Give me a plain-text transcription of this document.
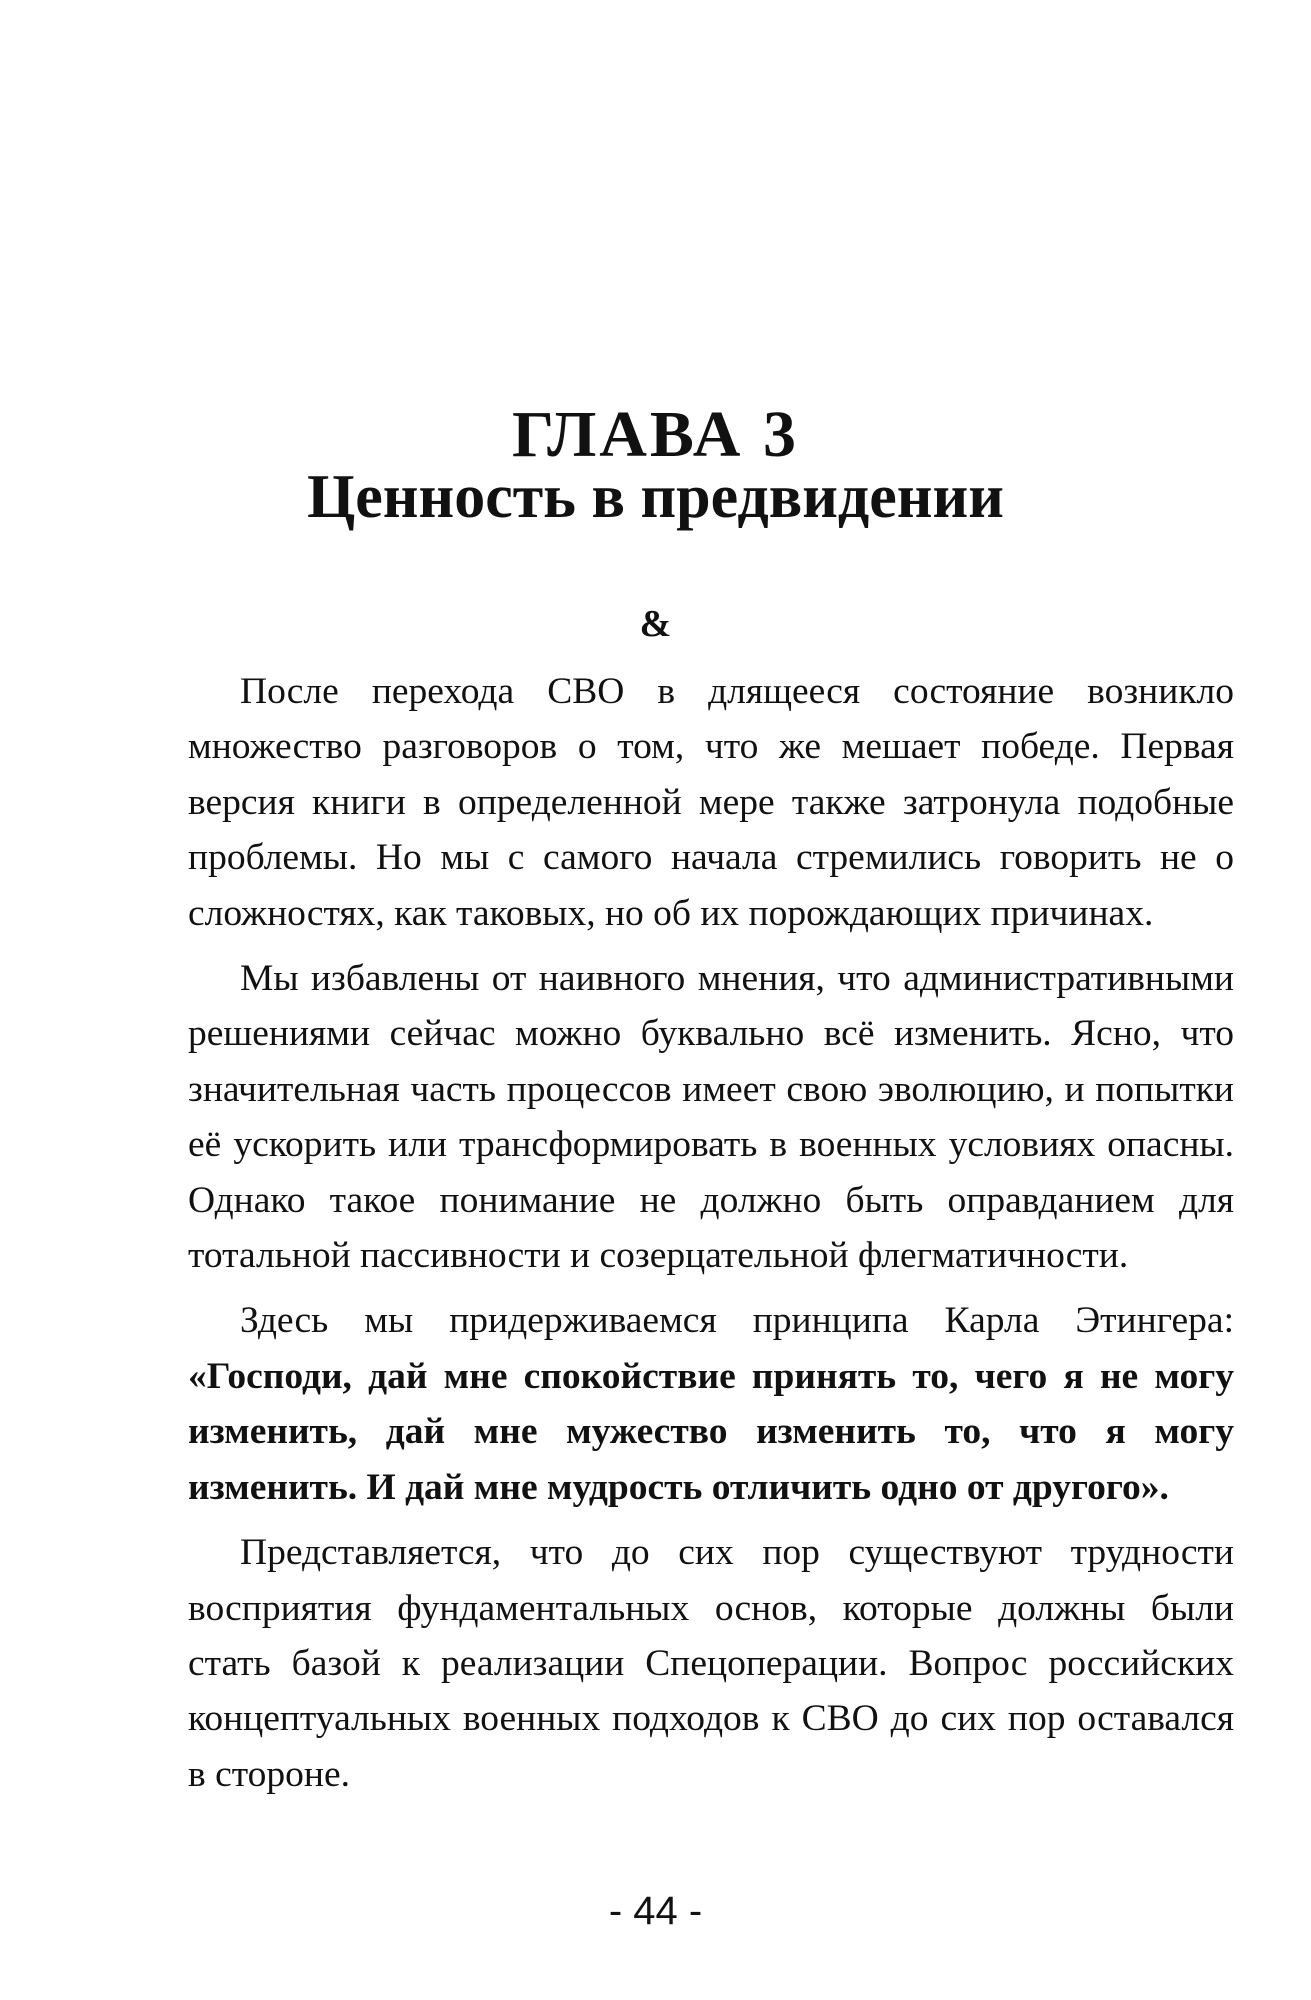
ГЛАВА 3
Ценность в предвидении
&

После перехода СВО в длящееся состояние возникло множество разговоров о том, что же мешает победе. Первая версия книги в определенной мере также затронула подобные проблемы. Но мы с самого начала стремились говорить не о сложностях, как таковых, но об их порождающих причинах.

Мы избавлены от наивного мнения, что административными решениями сейчас можно буквально всё изменить. Ясно, что значительная часть процессов имеет свою эволюцию, и попытки её ускорить или трансформировать в военных условиях опасны. Однако такое понимание не должно быть оправданием для тотальной пассивности и созерцательной флегматичности.

Здесь мы придерживаемся принципа Карла Этингера: «Господи, дай мне спокойствие принять то, чего я не могу изменить, дай мне мужество изменить то, что я могу изменить. И дай мне мудрость отличить одно от другого».

Представляется, что до сих пор существуют трудности восприятия фундаментальных основ, которые должны были стать базой к реализации Спецоперации. Вопрос российских концептуальных военных подходов к СВО до сих пор оставался в стороне.

- 44 -
